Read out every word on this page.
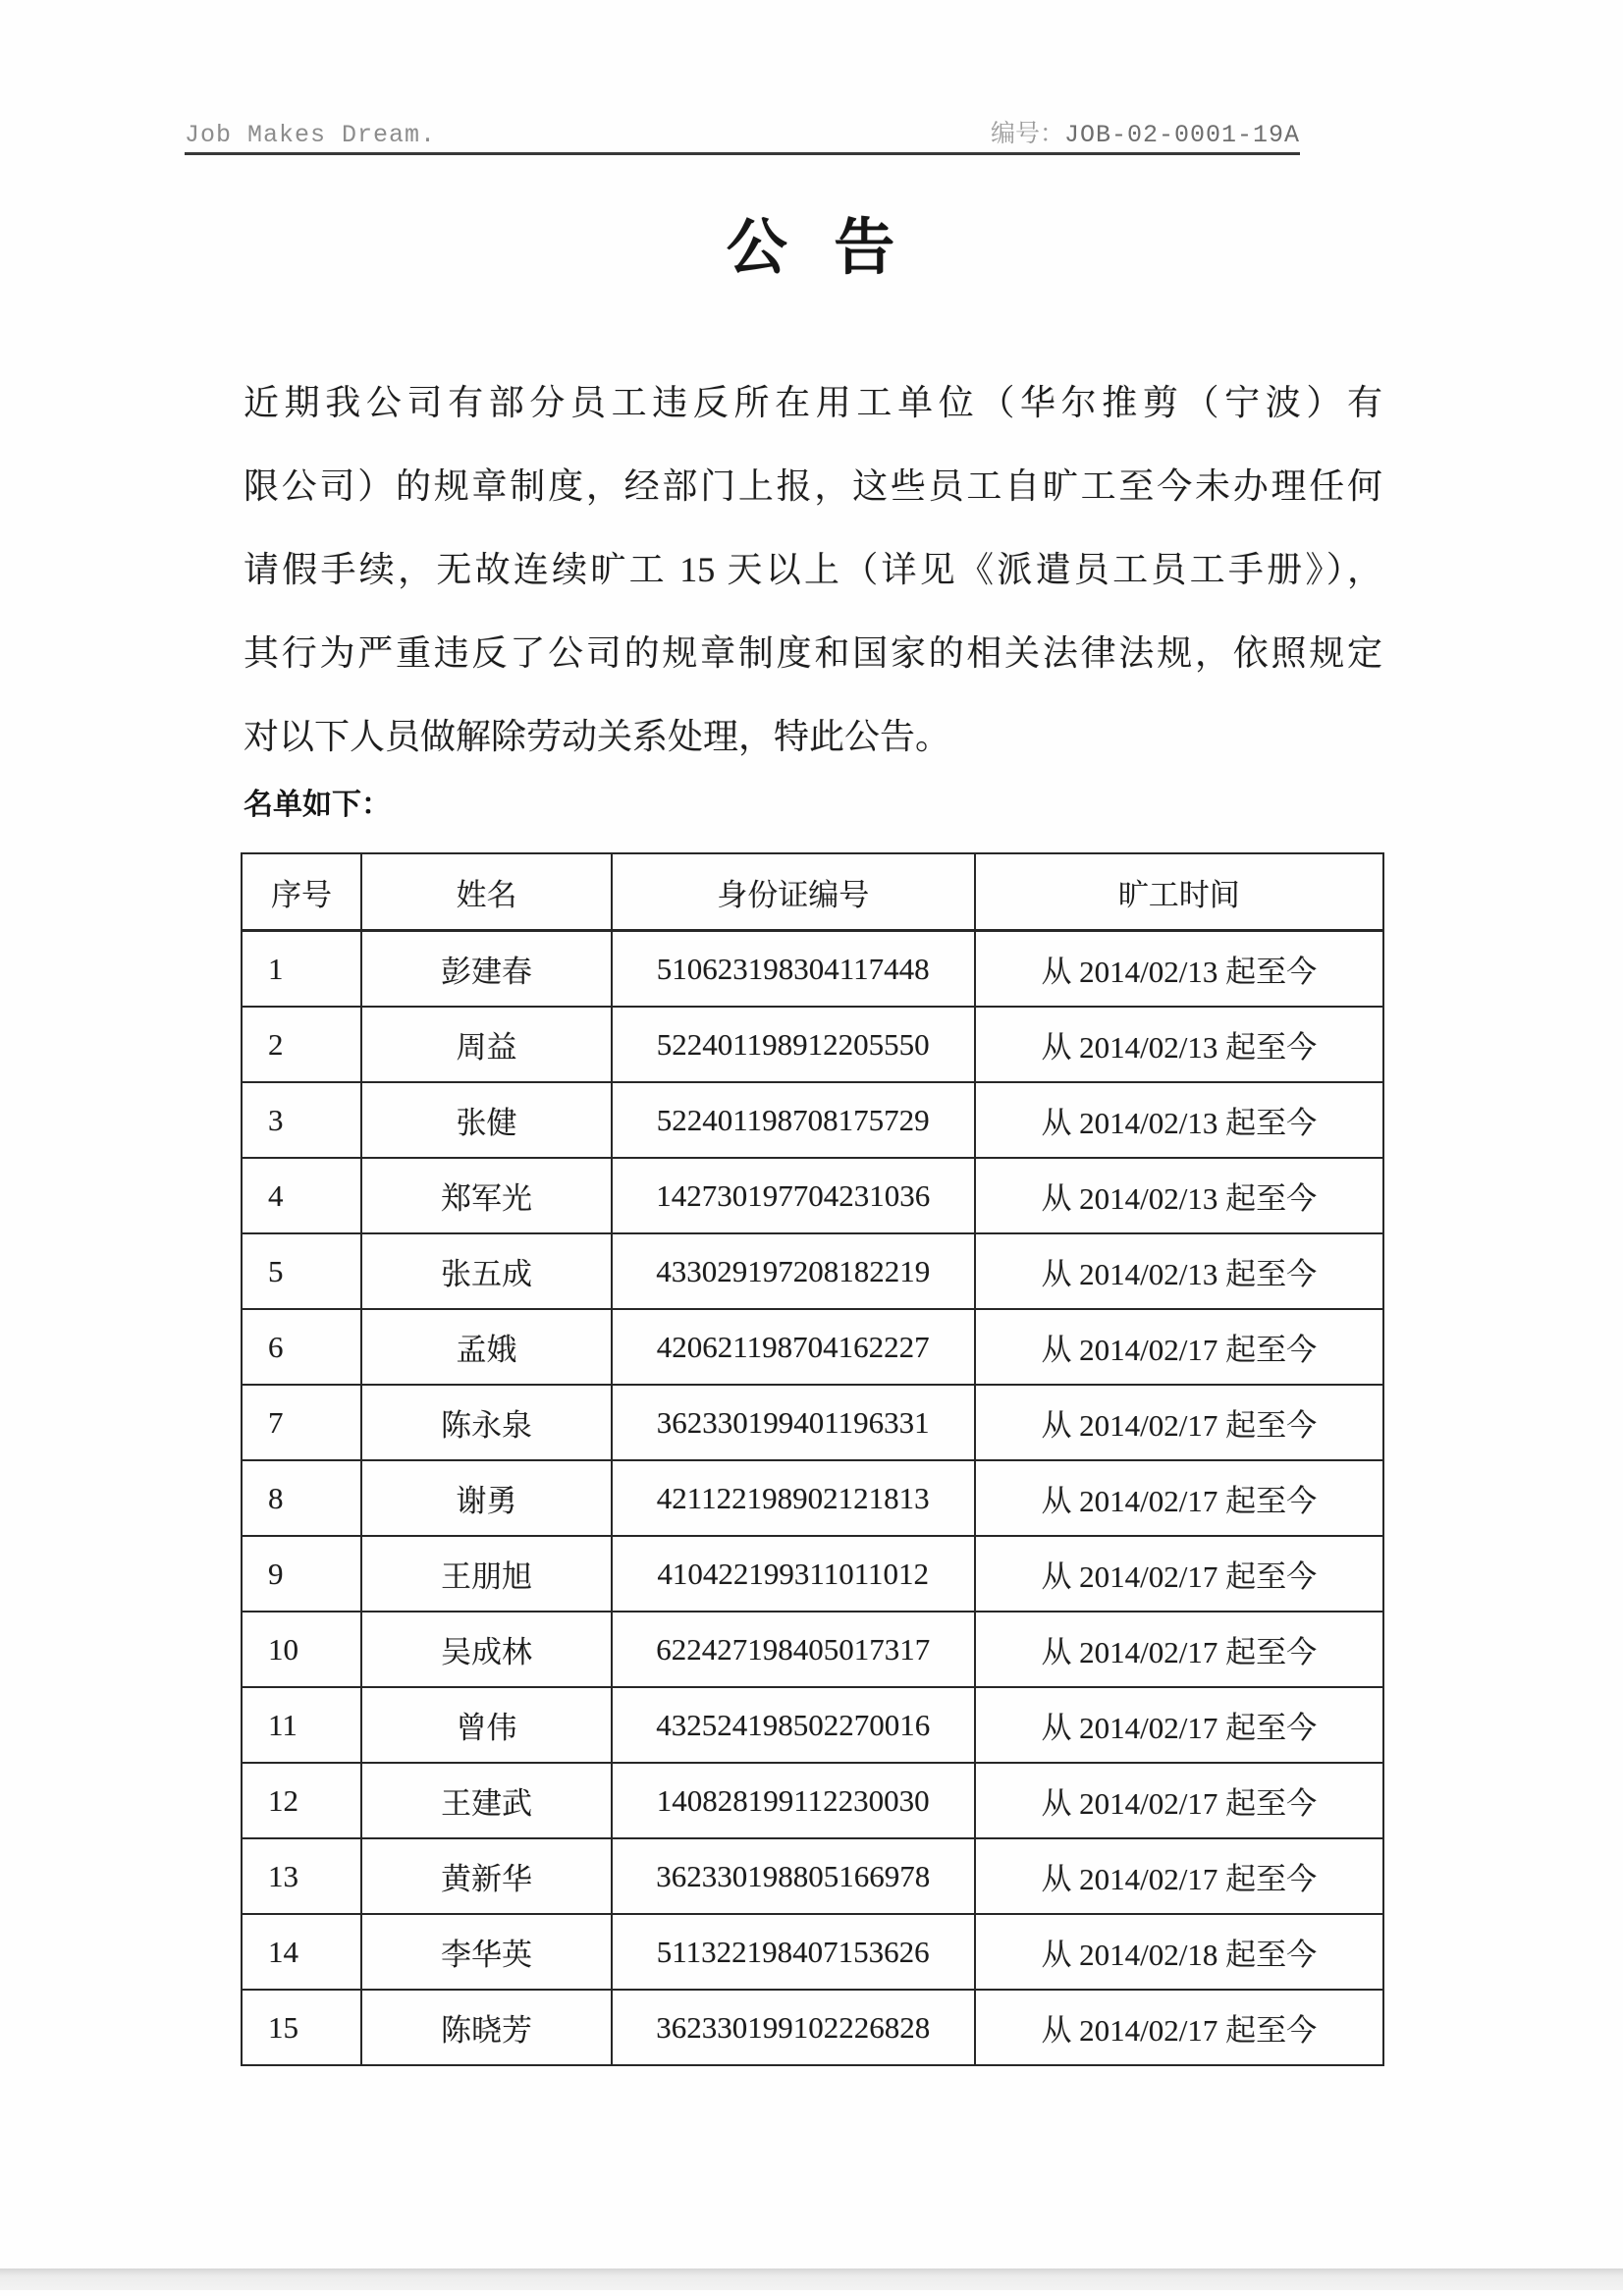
Job Makes Dream.	编号：JOB-02-0001-19A
公 告
近期我公司有部分员工违反所在用工单位（华尔推剪（宁波）有
限公司）的规章制度，经部门上报，这些员工自旷工至今未办理任何
请假手续，无故连续旷工 15 天以上（详见《派遣员工员工手册》），
其行为严重违反了公司的规章制度和国家的相关法律法规，依照规定
对以下人员做解除劳动关系处理，特此公告。
名单如下：
序号	姓名	身份证编号	旷工时间
1	彭建春	510623198304117448	从 2014/02/13 起至今
2	周益	522401198912205550	从 2014/02/13 起至今
3	张健	522401198708175729	从 2014/02/13 起至今
4	郑军光	142730197704231036	从 2014/02/13 起至今
5	张五成	433029197208182219	从 2014/02/13 起至今
6	孟娥	420621198704162227	从 2014/02/17 起至今
7	陈永泉	362330199401196331	从 2014/02/17 起至今
8	谢勇	421122198902121813	从 2014/02/17 起至今
9	王朋旭	410422199311011012	从 2014/02/17 起至今
10	吴成林	622427198405017317	从 2014/02/17 起至今
11	曾伟	432524198502270016	从 2014/02/17 起至今
12	王建武	140828199112230030	从 2014/02/17 起至今
13	黄新华	362330198805166978	从 2014/02/17 起至今
14	李华英	511322198407153626	从 2014/02/18 起至今
15	陈晓芳	362330199102226828	从 2014/02/17 起至今
